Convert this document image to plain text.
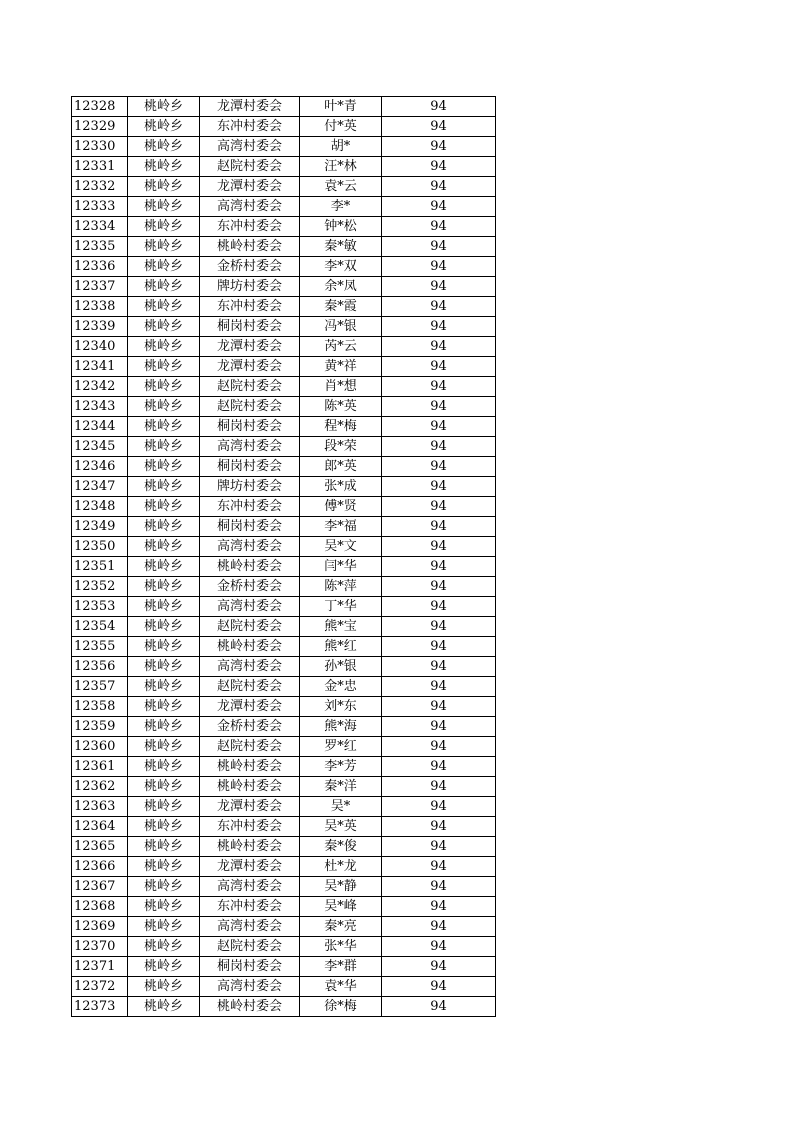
12328	桃岭乡	龙潭村委会	叶*青	94
12329	桃岭乡	东冲村委会	付*英	94
12330	桃岭乡	高湾村委会	胡*	94
12331	桃岭乡	赵院村委会	汪*林	94
12332	桃岭乡	龙潭村委会	袁*云	94
12333	桃岭乡	高湾村委会	李*	94
12334	桃岭乡	东冲村委会	钟*松	94
12335	桃岭乡	桃岭村委会	秦*敏	94
12336	桃岭乡	金桥村委会	李*双	94
12337	桃岭乡	牌坊村委会	余*凤	94
12338	桃岭乡	东冲村委会	秦*霞	94
12339	桃岭乡	桐岗村委会	冯*银	94
12340	桃岭乡	龙潭村委会	芮*云	94
12341	桃岭乡	龙潭村委会	黄*祥	94
12342	桃岭乡	赵院村委会	肖*想	94
12343	桃岭乡	赵院村委会	陈*英	94
12344	桃岭乡	桐岗村委会	程*梅	94
12345	桃岭乡	高湾村委会	段*荣	94
12346	桃岭乡	桐岗村委会	郎*英	94
12347	桃岭乡	牌坊村委会	张*成	94
12348	桃岭乡	东冲村委会	傅*贤	94
12349	桃岭乡	桐岗村委会	李*福	94
12350	桃岭乡	高湾村委会	吴*文	94
12351	桃岭乡	桃岭村委会	闫*华	94
12352	桃岭乡	金桥村委会	陈*萍	94
12353	桃岭乡	高湾村委会	丁*华	94
12354	桃岭乡	赵院村委会	熊*宝	94
12355	桃岭乡	桃岭村委会	熊*红	94
12356	桃岭乡	高湾村委会	孙*银	94
12357	桃岭乡	赵院村委会	金*忠	94
12358	桃岭乡	龙潭村委会	刘*东	94
12359	桃岭乡	金桥村委会	熊*海	94
12360	桃岭乡	赵院村委会	罗*红	94
12361	桃岭乡	桃岭村委会	李*芳	94
12362	桃岭乡	桃岭村委会	秦*洋	94
12363	桃岭乡	龙潭村委会	吴*	94
12364	桃岭乡	东冲村委会	吴*英	94
12365	桃岭乡	桃岭村委会	秦*俊	94
12366	桃岭乡	龙潭村委会	杜*龙	94
12367	桃岭乡	高湾村委会	吴*静	94
12368	桃岭乡	东冲村委会	吴*峰	94
12369	桃岭乡	高湾村委会	秦*亮	94
12370	桃岭乡	赵院村委会	张*华	94
12371	桃岭乡	桐岗村委会	李*群	94
12372	桃岭乡	高湾村委会	袁*华	94
12373	桃岭乡	桃岭村委会	徐*梅	94
